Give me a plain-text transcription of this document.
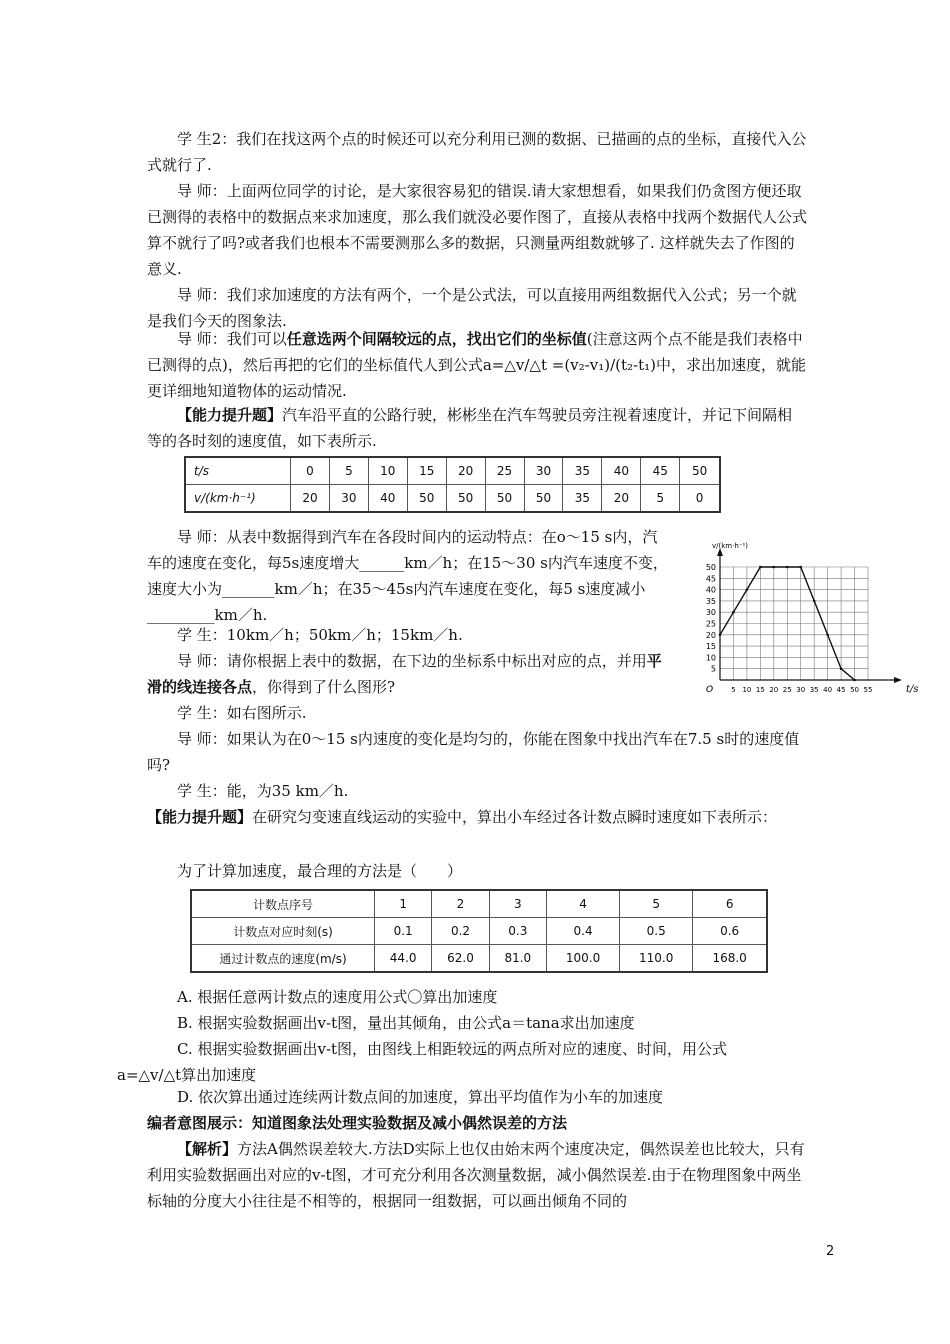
学 生2：我们在找这两个点的时候还可以充分利用已测的数据、已描画的点的坐标，直接代入公式就行了.

导 师：上面两位同学的讨论，是大家很容易犯的错误.请大家想想看，如果我们仍贪图方便还取已测得的表格中的数据点来求加速度，那么我们就没必要作图了，直接从表格中找两个数据代人公式算不就行了吗?或者我们也根本不需要测那么多的数据，只测量两组数就够了. 这样就失去了作图的意义.

导 师：我们求加速度的方法有两个，一个是公式法，可以直接用两组数据代入公式；另一个就是我们今天的图象法.

导 师：我们可以任意选两个间隔较远的点，找出它们的坐标值(注意这两个点不能是我们表格中已测得的点)，然后再把的它们的坐标值代人到公式a=△v/△t =(v₂-v₁)/(t₂-t₁)中，求出加速度，就能更详细地知道物体的运动情况.

【能力提升题】汽车沿平直的公路行驶，彬彬坐在汽车驾驶员旁注视着速度计，并记下间隔相等的各时刻的速度值，如下表所示.

t/s	0	5	10	15	20	25	30	35	40	45	50
v/(km·h⁻¹)	20	30	40	50	50	50	50	35	20	5	0

导 师：从表中数据得到汽车在各段时间内的运动特点：在o～15 s内，汽车的速度在变化，每5s速度增大______km／h；在15～30 s内汽车速度不变，速度大小为_______km／h；在35～45s内汽车速度在变化，每5 s速度减小_________km／h.

学 生：10km／h；50km／h；15km／h.

导 师：请你根据上表中的数据，在下边的坐标系中标出对应的点，并用平滑的线连接各点，你得到了什么图形?

学 生：如右图所示.

导 师：如果认为在0～15 s内速度的变化是均匀的，你能在图象中找出汽车在7.5 s时的速度值吗?

学 生：能，为35 km／h.

【能力提升题】在研究匀变速直线运动的实验中，算出小车经过各计数点瞬时速度如下表所示：

为了计算加速度，最合理的方法是（　　）

计数点序号	1	2	3	4	5	6
计数点对应时刻(s)	0.1	0.2	0.3	0.4	0.5	0.6
通过计数点的速度(m/s)	44.0	62.0	81.0	100.0	110.0	168.0

A. 根据任意两计数点的速度用公式〇算出加速度

B. 根据实验数据画出v-t图，量出其倾角，由公式a＝tana求出加速度

C. 根据实验数据画出v-t图，由图线上相距较远的两点所对应的速度、时间，用公式
a=△v/△t算出加速度

D. 依次算出通过连续两计数点间的加速度，算出平均值作为小车的加速度

编者意图展示：知道图象法处理实验数据及减小偶然误差的方法

【解析】方法A偶然误差较大.方法D实际上也仅由始末两个速度决定，偶然误差也比较大，只有利用实验数据画出对应的v-t图，才可充分利用各次测量数据，减小偶然误差.由于在物理图象中两坐标轴的分度大小往往是不相等的，根据同一组数据，可以画出倾角不同的

v/(km·h⁻¹)
t/s
O
5
10
15
20
25
30
35
40
45
50
5 10 15 20 25 30 35 40 45 50 55
2
